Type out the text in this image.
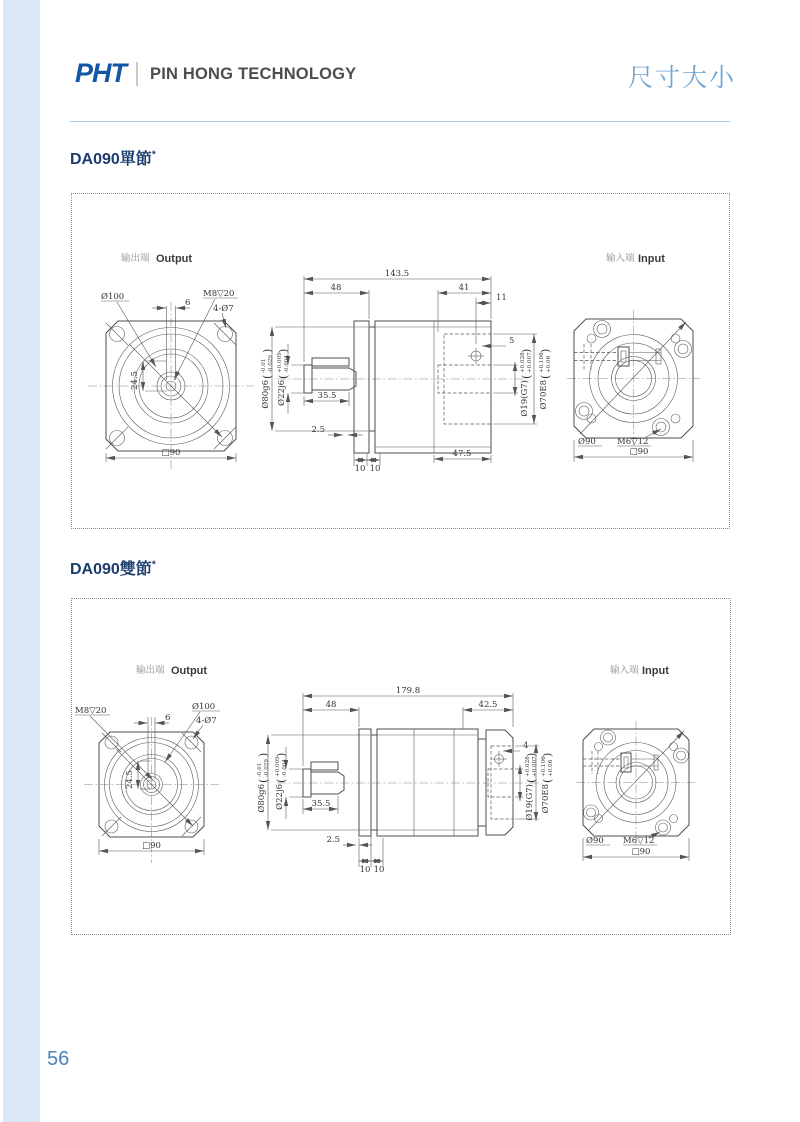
PHT PIN HONG TECHNOLOGY	尺寸大小
DA090單節*
输出端 Output	输入端 Input
Ø100
6
M8▽20
4-Ø7
24.5
□90
143.5
48	41
11
5
35.5
2.5
10 10
47.5
Ø80g6
(
-0.01 -0.029
)
Ø22j6
(
+0.009 -0.004
)
Ø19(G7)
(
+0.028 +0.007
)
Ø70E8
(
+0.106 +0.06
)
Ø90 M6▽12
□90
DA090雙節*
输出端 Output	输入端 Input
M8▽20
6
Ø100
4-Ø7
24.5
□90
179.8
48	42.5
4
35.5
2.5
10 10
Ø80g6
(
-0.01 -0.029
)
Ø22j6
(
+0.009 -0.004
)
Ø19(G7)
(
+0.028 +0.007
)
Ø70E8
(
+0.106 +0.06
)
Ø90 M6▽12
□90
56
